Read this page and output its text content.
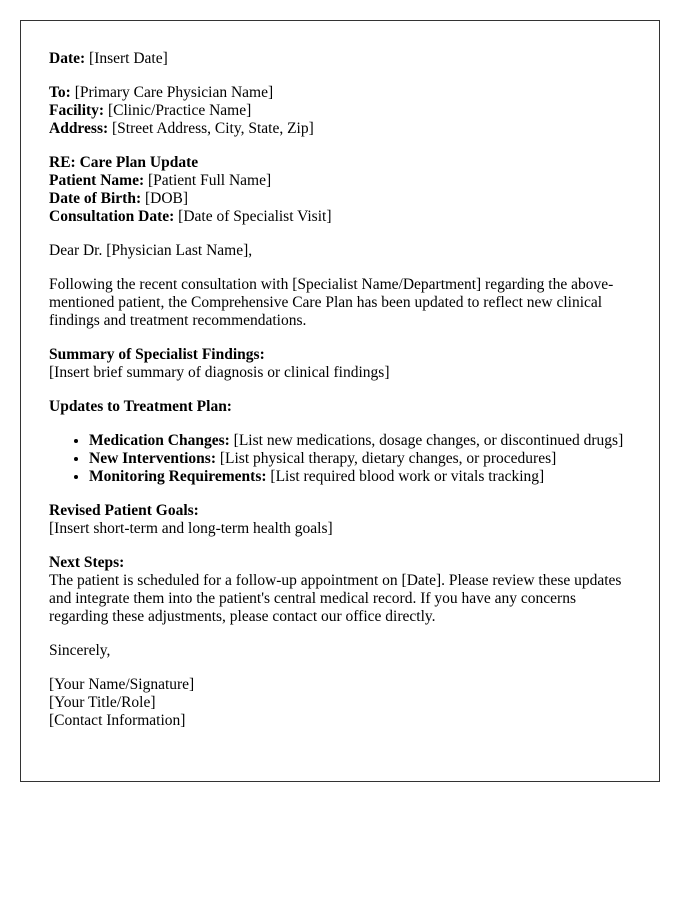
Date: [Insert Date]

To: [Primary Care Physician Name]
Facility: [Clinic/Practice Name]
Address: [Street Address, City, State, Zip]

RE: Care Plan Update
Patient Name: [Patient Full Name]
Date of Birth: [DOB]
Consultation Date: [Date of Specialist Visit]

Dear Dr. [Physician Last Name],

Following the recent consultation with [Specialist Name/Department] regarding the above-mentioned patient, the Comprehensive Care Plan has been updated to reflect new clinical findings and treatment recommendations.

Summary of Specialist Findings:
[Insert brief summary of diagnosis or clinical findings]

Updates to Treatment Plan:

• Medication Changes: [List new medications, dosage changes, or discontinued drugs]
• New Interventions: [List physical therapy, dietary changes, or procedures]
• Monitoring Requirements: [List required blood work or vitals tracking]

Revised Patient Goals:
[Insert short-term and long-term health goals]

Next Steps:
The patient is scheduled for a follow-up appointment on [Date]. Please review these updates and integrate them into the patient's central medical record. If you have any concerns regarding these adjustments, please contact our office directly.

Sincerely,

[Your Name/Signature]
[Your Title/Role]
[Contact Information]
